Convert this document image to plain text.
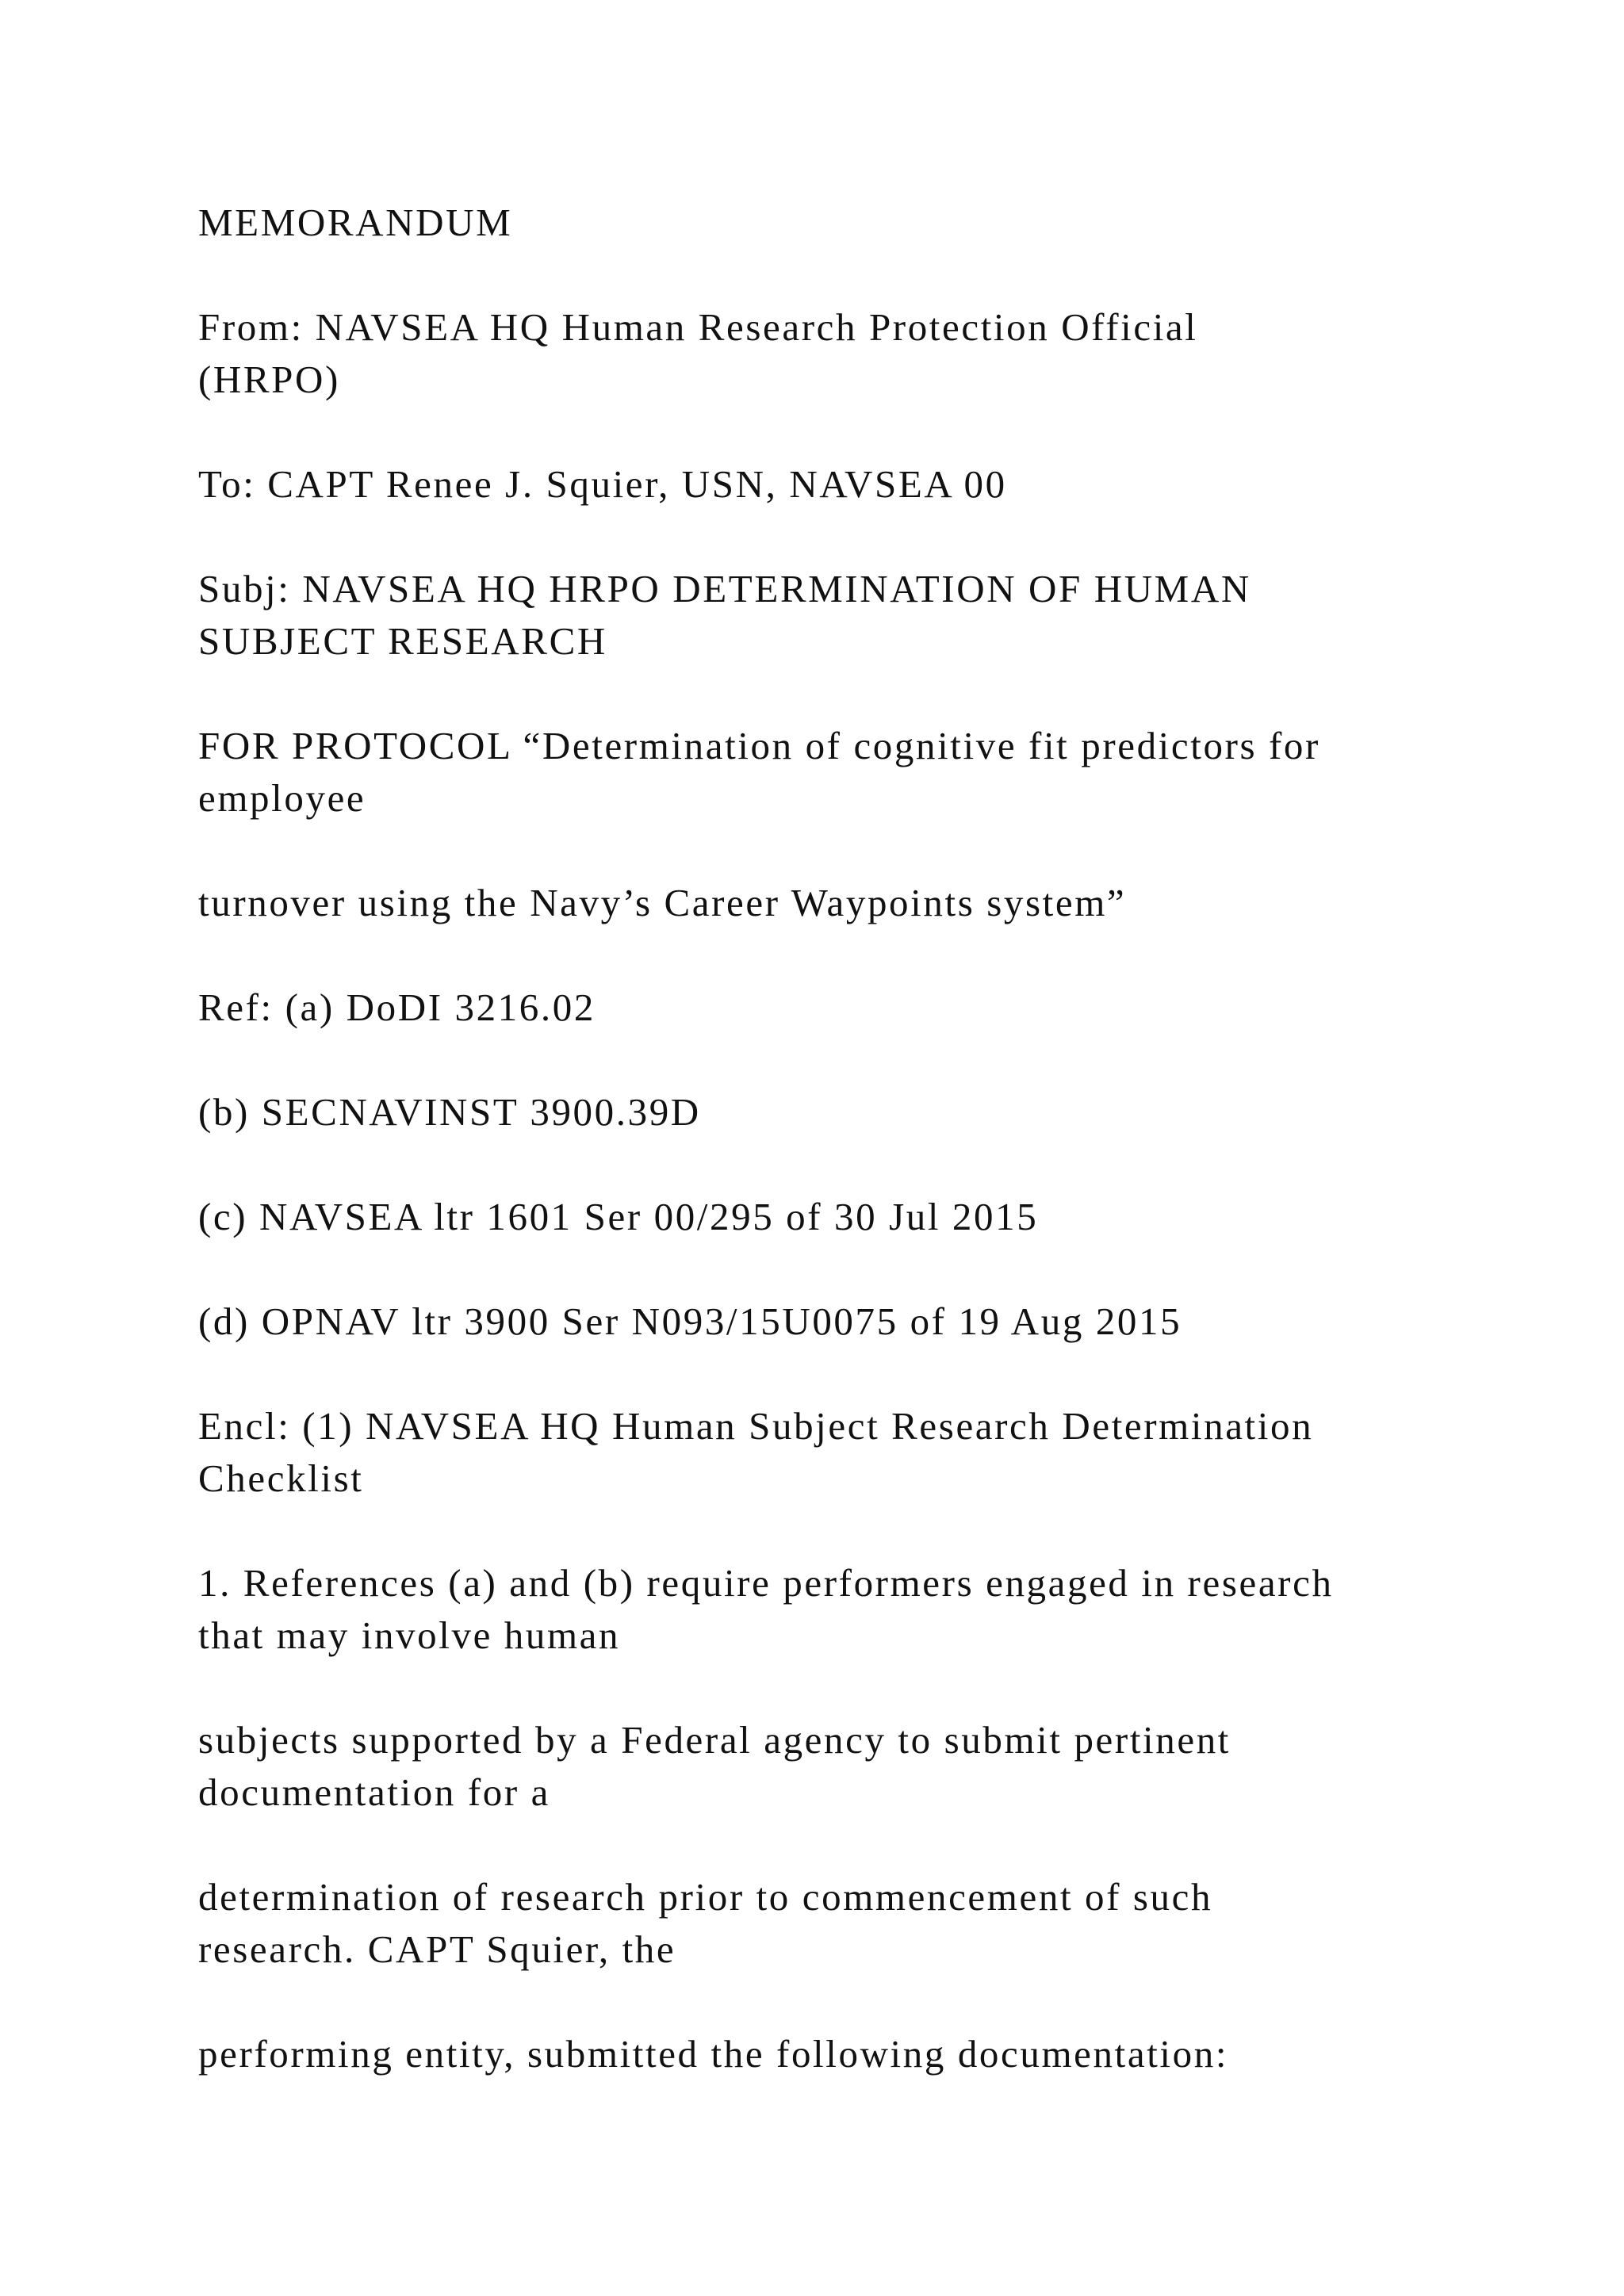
MEMORANDUM

From: NAVSEA HQ Human Research Protection Official
(HRPO)

To: CAPT Renee J. Squier, USN, NAVSEA 00

Subj: NAVSEA HQ HRPO DETERMINATION OF HUMAN
SUBJECT RESEARCH

FOR PROTOCOL “Determination of cognitive fit predictors for
employee

turnover using the Navy’s Career Waypoints system”

Ref: (a) DoDI 3216.02

(b) SECNAVINST 3900.39D

(c) NAVSEA ltr 1601 Ser 00/295 of 30 Jul 2015

(d) OPNAV ltr 3900 Ser N093/15U0075 of 19 Aug 2015

Encl: (1) NAVSEA HQ Human Subject Research Determination
Checklist

1. References (a) and (b) require performers engaged in research
that may involve human

subjects supported by a Federal agency to submit pertinent
documentation for a

determination of research prior to commencement of such
research. CAPT Squier, the

performing entity, submitted the following documentation:
